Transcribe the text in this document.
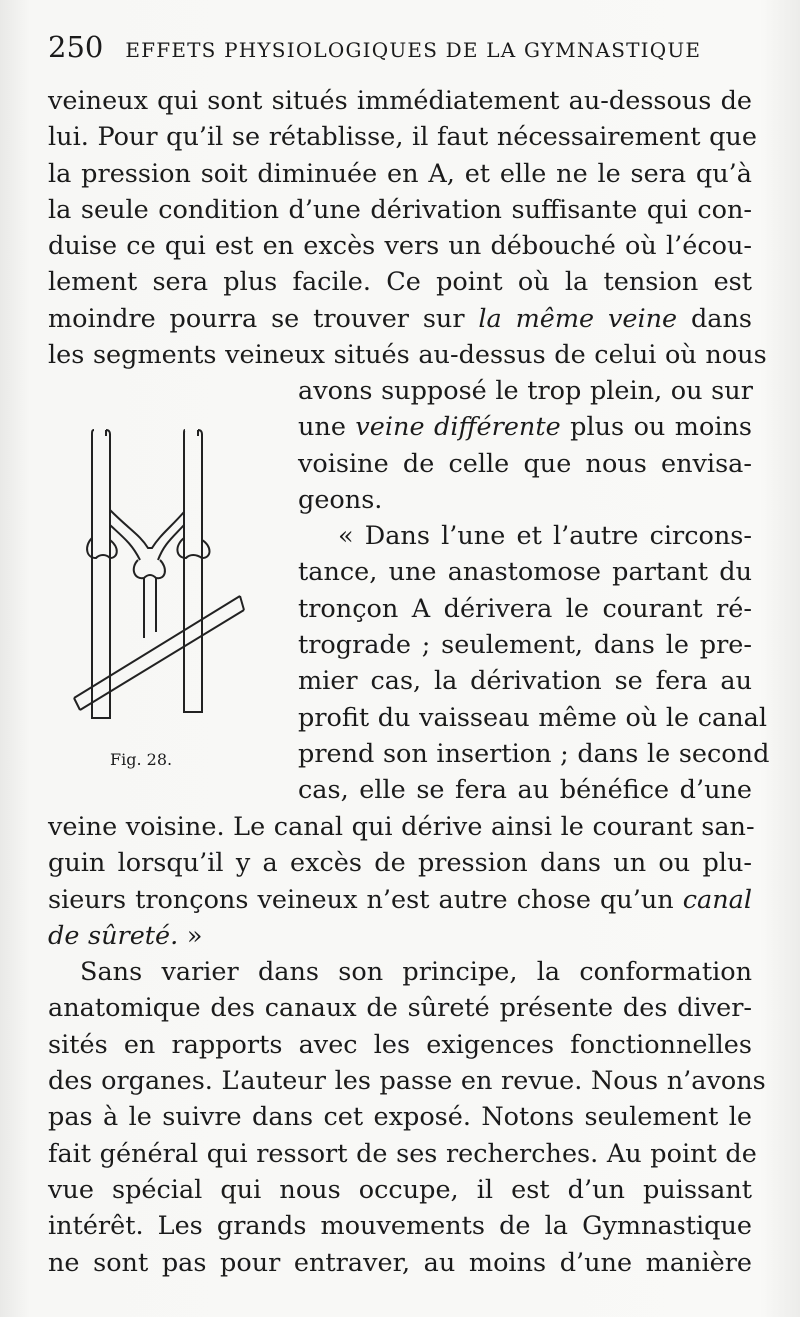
250 EFFETS PHYSIOLOGIQUES DE LA GYMNASTIQUE
veineux qui sont situés immédiatement au-dessous de
lui. Pour qu’il se rétablisse, il faut nécessairement que
la pression soit diminuée en A, et elle ne le sera qu’à
la seule condition d’une dérivation suffisante qui con-
duise ce qui est en excès vers un débouché où l’écou-
lement sera plus facile. Ce point où la tension est
moindre pourra se trouver sur la même veine dans
les segments veineux situés au-dessus de celui où nous
avons supposé le trop plein, ou sur
une veine différente plus ou moins
voisine de celle que nous envisa-
geons.
« Dans l’une et l’autre circons-
tance, une anastomose partant du
tronçon A dérivera le courant ré-
trograde ; seulement, dans le pre-
mier cas, la dérivation se fera au
profit du vaisseau même où le canal
prend son insertion ; dans le second
cas, elle se fera au bénéfice d’une
Fig. 28.
veine voisine. Le canal qui dérive ainsi le courant san-
guin lorsqu’il y a excès de pression dans un ou plu-
sieurs tronçons veineux n’est autre chose qu’un canal
de sûreté. »
Sans varier dans son principe, la conformation
anatomique des canaux de sûreté présente des diver-
sités en rapports avec les exigences fonctionnelles
des organes. L’auteur les passe en revue. Nous n’avons
pas à le suivre dans cet exposé. Notons seulement le
fait général qui ressort de ses recherches. Au point de
vue spécial qui nous occupe, il est d’un puissant
intérêt. Les grands mouvements de la Gymnastique
ne sont pas pour entraver, au moins d’une manière
